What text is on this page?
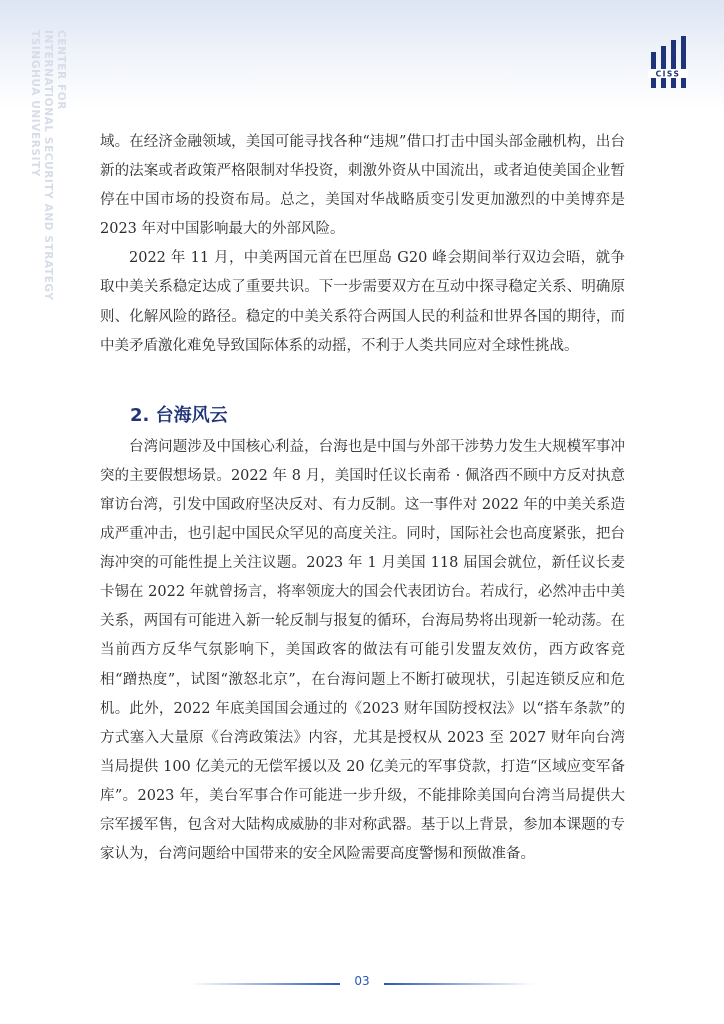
CENTER FOR
INTERNATIONAL SECURITY AND STRATEGY
TSINGHUA UNIVERSITY	CISS

域。在经济金融领域，美国可能寻找各种“违规”借口打击中国头部金融机构，出台新的法案或者政策严格限制对华投资，刺激外资从中国流出，或者迫使美国企业暂停在中国市场的投资布局。总之，美国对华战略质变引发更加激烈的中美博弈是 2023 年对中国影响最大的外部风险。

2022 年 11 月，中美两国元首在巴厘岛 G20 峰会期间举行双边会晤，就争取中美关系稳定达成了重要共识。下一步需要双方在互动中探寻稳定关系、明确原则、化解风险的路径。稳定的中美关系符合两国人民的利益和世界各国的期待，而中美矛盾激化难免导致国际体系的动摇，不利于人类共同应对全球性挑战。

2. 台海风云

台湾问题涉及中国核心利益，台海也是中国与外部干涉势力发生大规模军事冲突的主要假想场景。2022 年 8 月，美国时任议长南希 · 佩洛西不顾中方反对执意窜访台湾，引发中国政府坚决反对、有力反制。这一事件对 2022 年的中美关系造成严重冲击，也引起中国民众罕见的高度关注。同时，国际社会也高度紧张，把台海冲突的可能性提上关注议题。2023 年 1 月美国 118 届国会就位，新任议长麦卡锡在 2022 年就曾扬言，将率领庞大的国会代表团访台。若成行，必然冲击中美关系，两国有可能进入新一轮反制与报复的循环，台海局势将出现新一轮动荡。在当前西方反华气氛影响下，美国政客的做法有可能引发盟友效仿，西方政客竞相“蹭热度”，试图“激怒北京”，在台海问题上不断打破现状，引起连锁反应和危机。此外，2022 年底美国国会通过的《2023 财年国防授权法》以“搭车条款”的方式塞入大量原《台湾政策法》内容，尤其是授权从 2023 至 2027 财年向台湾当局提供 100 亿美元的无偿军援以及 20 亿美元的军事贷款，打造“区域应变军备库”。2023 年，美台军事合作可能进一步升级，不能排除美国向台湾当局提供大宗军援军售，包含对大陆构成威胁的非对称武器。基于以上背景，参加本课题的专家认为，台湾问题给中国带来的安全风险需要高度警惕和预做准备。

03
